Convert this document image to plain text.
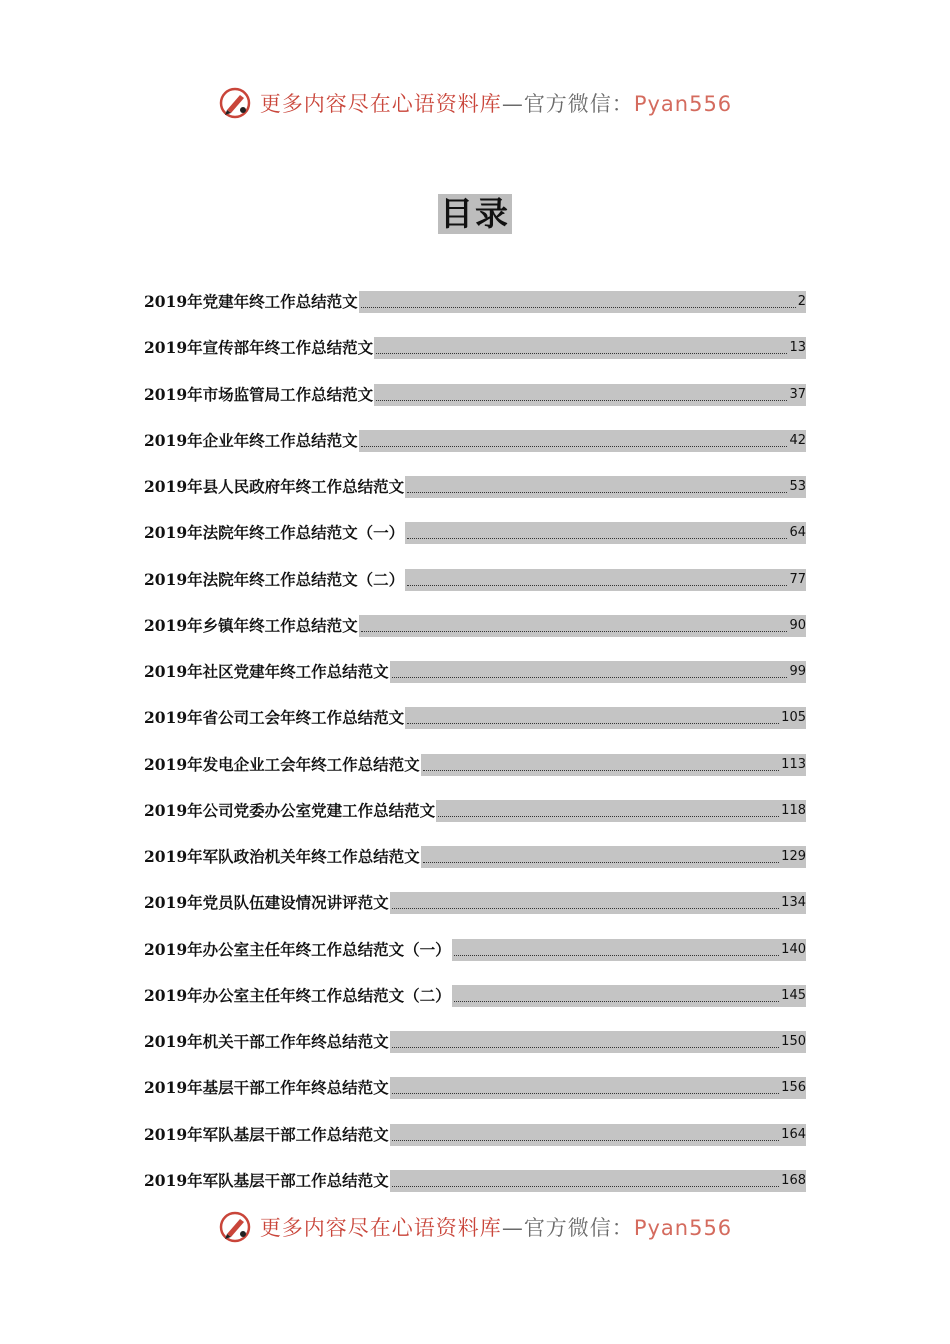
更多内容尽在心语资料库—官方微信：Pyan556
目录
2019年党建年终工作总结范文	2
2019年宣传部年终工作总结范文	13
2019年市场监管局工作总结范文	37
2019年企业年终工作总结范文	42
2019年县人民政府年终工作总结范文	53
2019年法院年终工作总结范文（一）	64
2019年法院年终工作总结范文（二）	77
2019年乡镇年终工作总结范文	90
2019年社区党建年终工作总结范文	99
2019年省公司工会年终工作总结范文	105
2019年发电企业工会年终工作总结范文	113
2019年公司党委办公室党建工作总结范文	118
2019年军队政治机关年终工作总结范文	129
2019年党员队伍建设情况讲评范文	134
2019年办公室主任年终工作总结范文（一）	140
2019年办公室主任年终工作总结范文（二）	145
2019年机关干部工作年终总结范文	150
2019年基层干部工作年终总结范文	156
2019年军队基层干部工作总结范文	164
2019年军队基层干部工作总结范文	168
更多内容尽在心语资料库—官方微信：Pyan556
